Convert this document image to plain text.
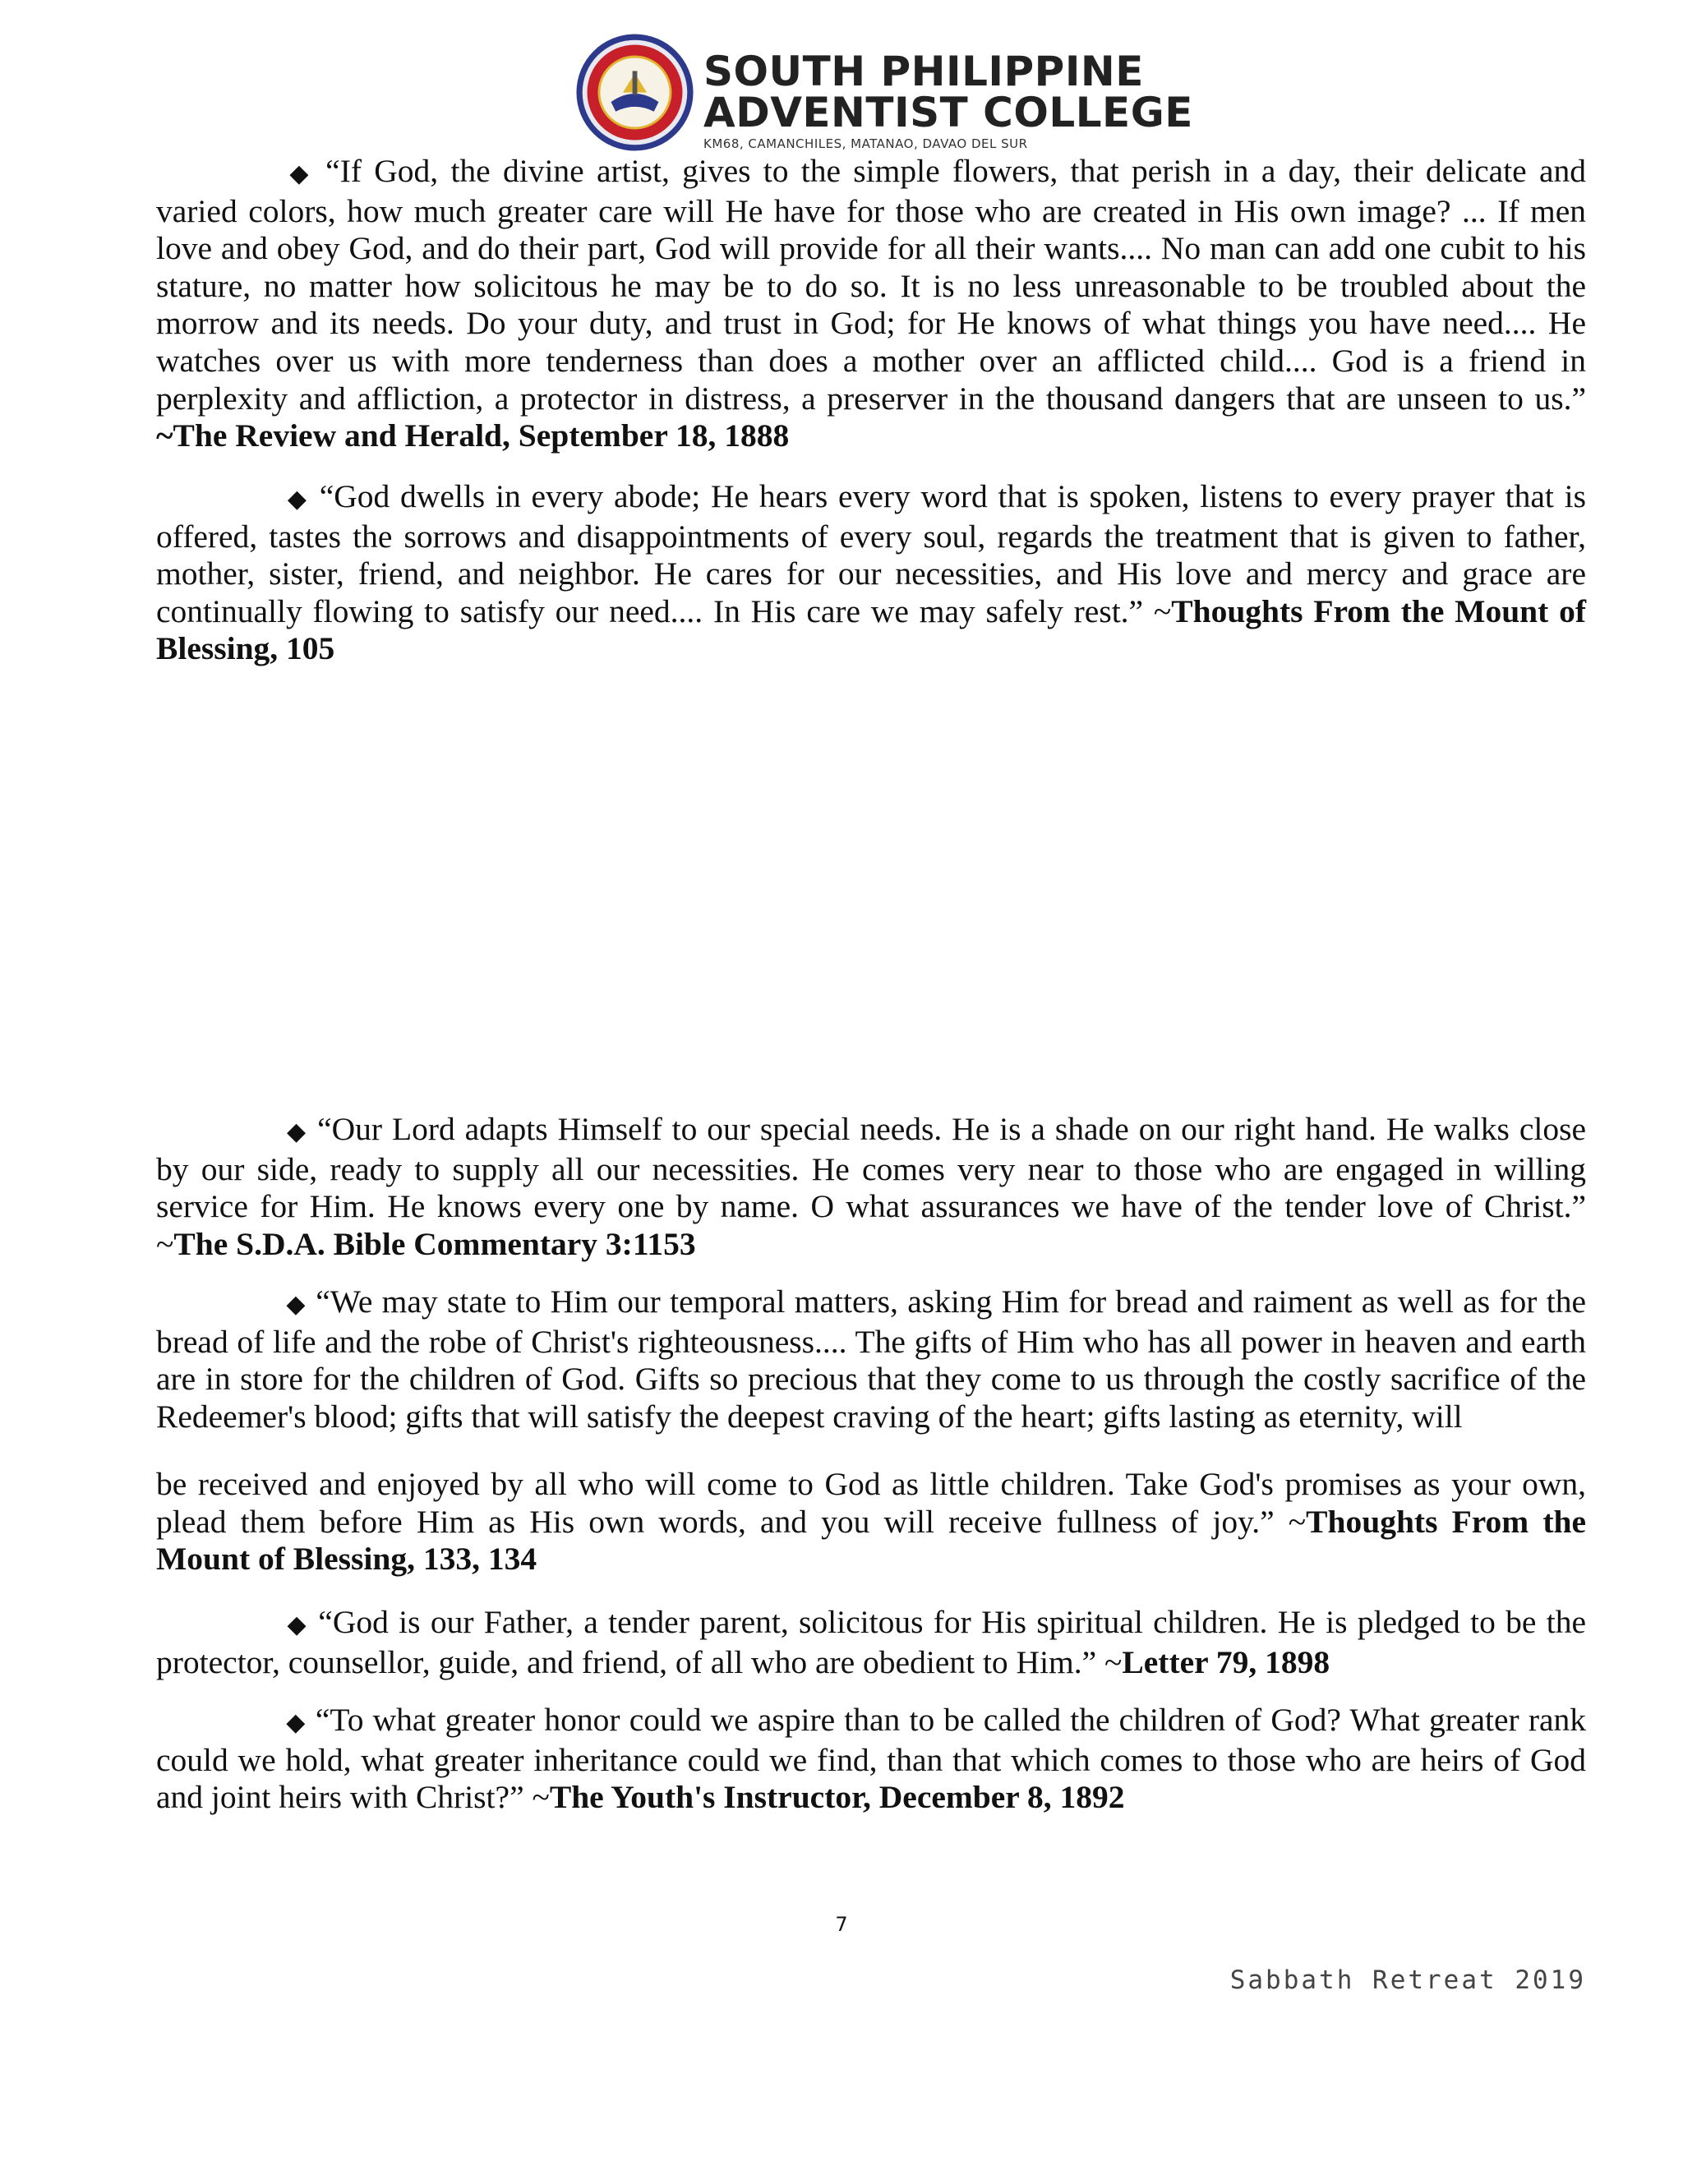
SOUTH PHILIPPINE
ADVENTIST COLLEGE
KM68, CAMANCHILES, MATANAO, DAVAO DEL SUR

◆ “If God, the divine artist, gives to the simple flowers, that perish in a day, their delicate and varied colors, how much greater care will He have for those who are created in His own image? ... If men love and obey God, and do their part, God will provide for all their wants.... No man can add one cubit to his stature, no matter how solicitous he may be to do so. It is no less unreasonable to be troubled about the morrow and its needs. Do your duty, and trust in God; for He knows of what things you have need.... He watches over us with more tenderness than does a mother over an afflicted child.... God is a friend in perplexity and affliction, a protector in distress, a preserver in the thousand dangers that are unseen to us.” ~The Review and Herald, September 18, 1888

◆ “God dwells in every abode; He hears every word that is spoken, listens to every prayer that is offered, tastes the sorrows and disappointments of every soul, regards the treatment that is given to father, mother, sister, friend, and neighbor. He cares for our necessities, and His love and mercy and grace are continually flowing to satisfy our need.... In His care we may safely rest.” ~Thoughts From the Mount of Blessing, 105

◆ “Our Lord adapts Himself to our special needs. He is a shade on our right hand. He walks close by our side, ready to supply all our necessities. He comes very near to those who are engaged in willing service for Him. He knows every one by name. O what assurances we have of the tender love of Christ.” ~The S.D.A. Bible Commentary 3:1153

◆ “We may state to Him our temporal matters, asking Him for bread and raiment as well as for the bread of life and the robe of Christ's righteousness.... The gifts of Him who has all power in heaven and earth are in store for the children of God. Gifts so precious that they come to us through the costly sacrifice of the Redeemer's blood; gifts that will satisfy the deepest craving of the heart; gifts lasting as eternity, will

be received and enjoyed by all who will come to God as little children. Take God's promises as your own, plead them before Him as His own words, and you will receive fullness of joy.” ~Thoughts From the Mount of Blessing, 133, 134

◆ “God is our Father, a tender parent, solicitous for His spiritual children. He is pledged to be the protector, counsellor, guide, and friend, of all who are obedient to Him.” ~Letter 79, 1898

◆ “To what greater honor could we aspire than to be called the children of God? What greater rank could we hold, what greater inheritance could we find, than that which comes to those who are heirs of God and joint heirs with Christ?” ~The Youth's Instructor, December 8, 1892

7
Sabbath Retreat 2019
